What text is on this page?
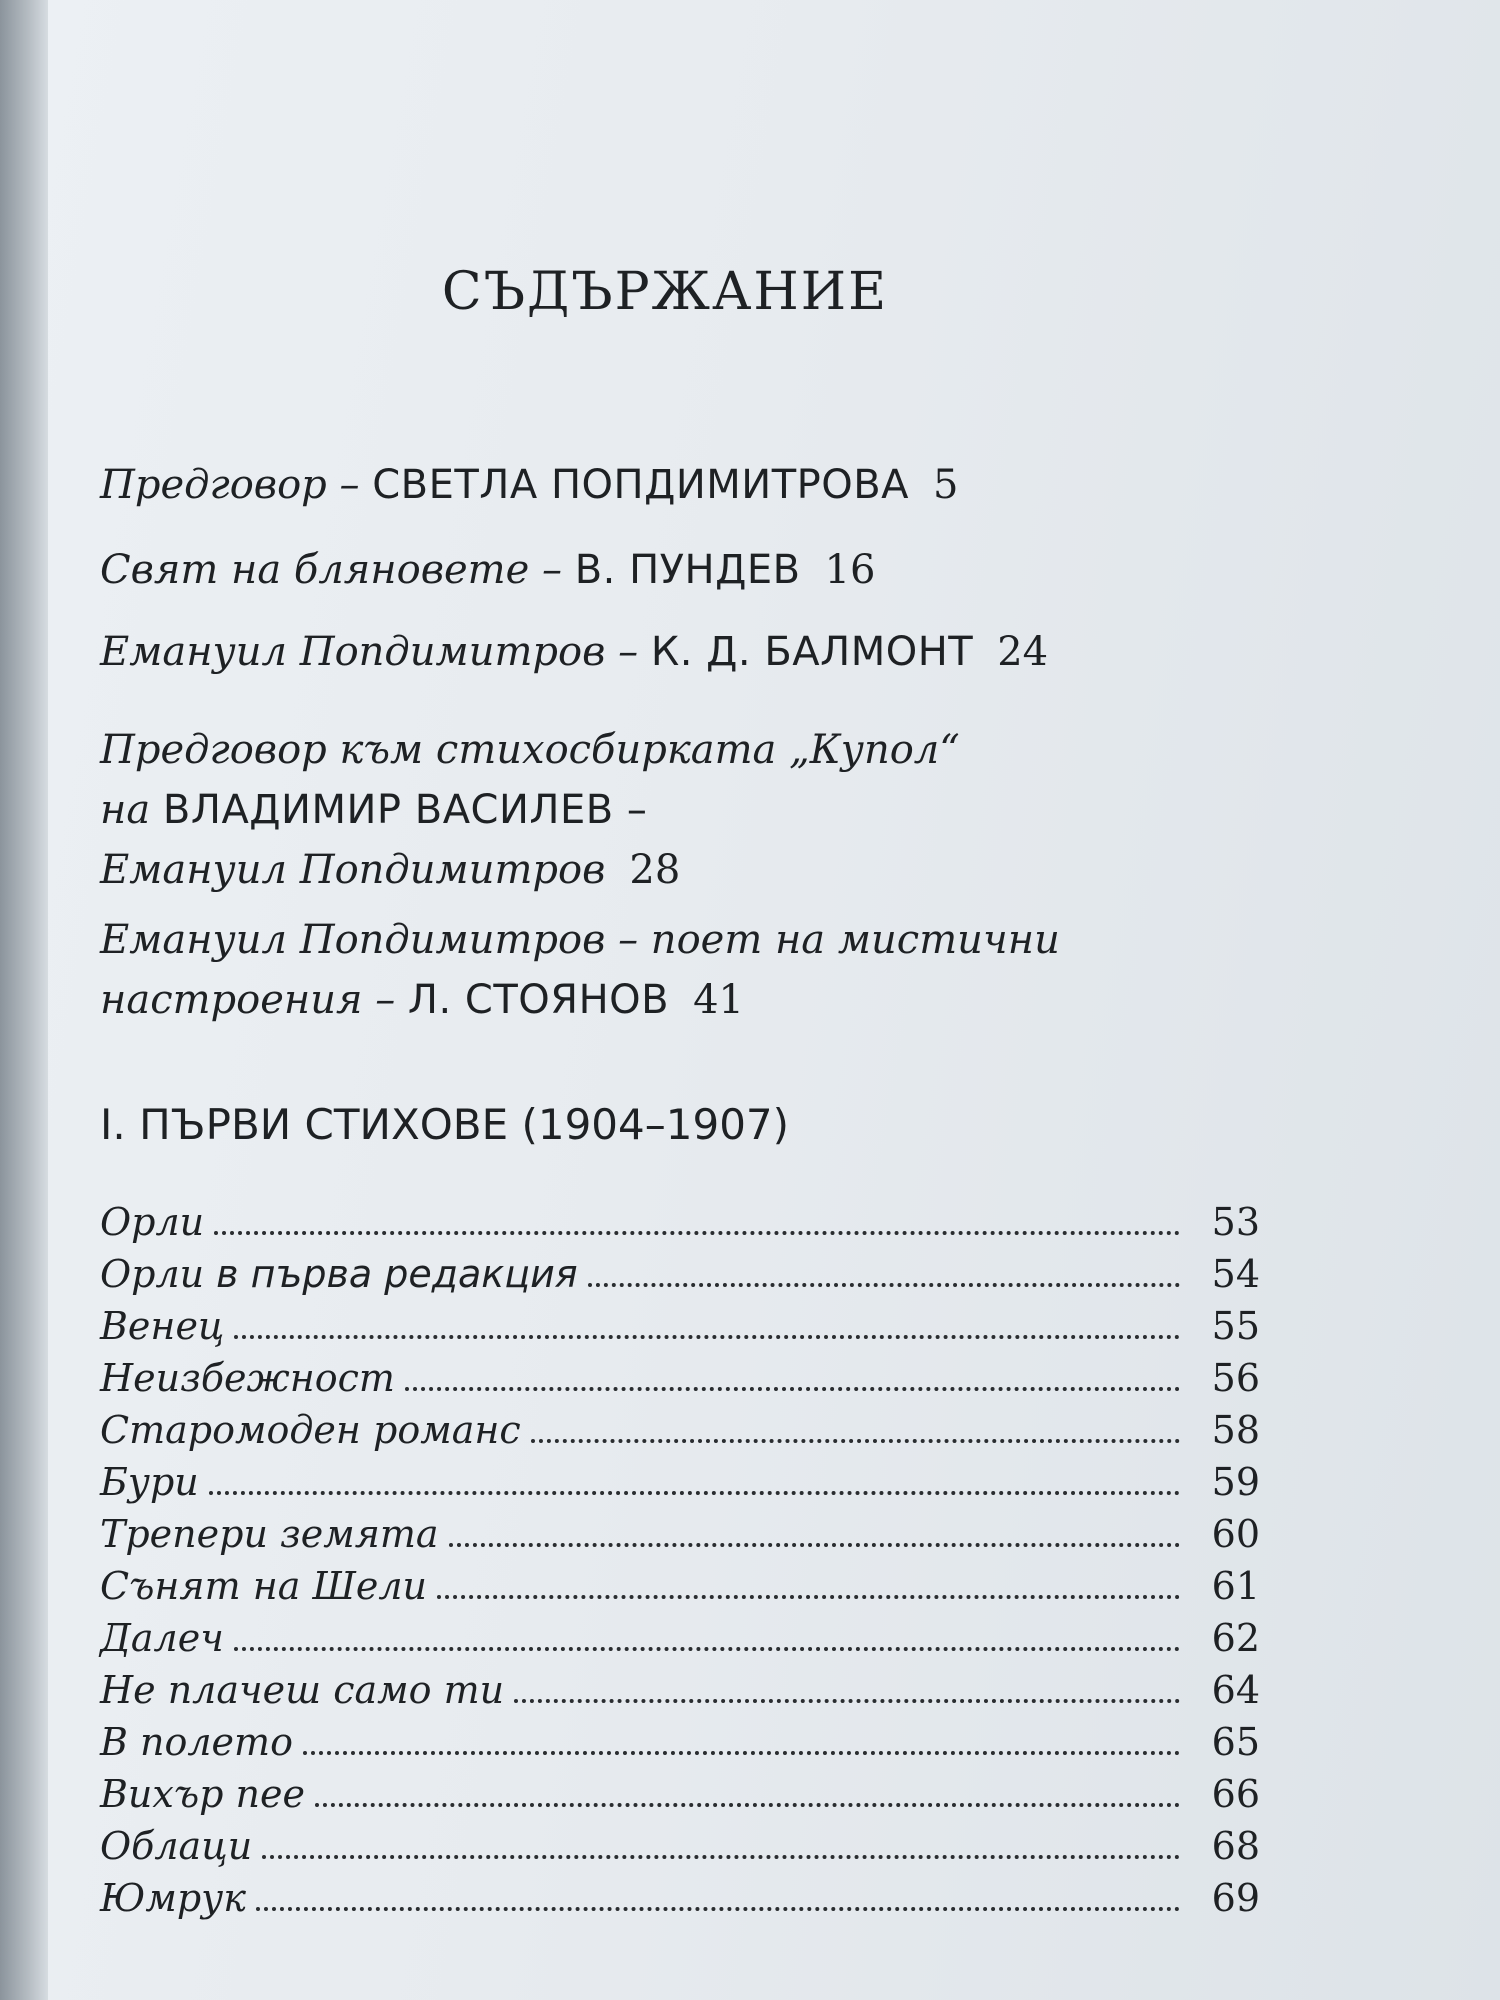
СЪДЪРЖАНИЕ
Предговор – СВЕТЛА ПОПДИМИТРОВА 5
Свят на бляновете – В. ПУНДЕВ 16
Емануил Попдимитров – К. Д. БАЛМОНТ 24
Предговор към стихосбирката „Купол“
на ВЛАДИМИР ВАСИЛЕВ –
Емануил Попдимитров 28
Емануил Попдимитров – поет на мистични
настроения – Л. СТОЯНОВ 41
I. ПЪРВИ СТИХОВЕ (1904–1907)
Орли	53
Орли в първа редакция	54
Венец	55
Неизбежност	56
Старомоден романс	58
Бури	59
Трепери земята	60
Сънят на Шели	61
Далеч	62
Не плачеш само ти	64
В полето	65
Вихър пее	66
Облаци	68
Юмрук	69
